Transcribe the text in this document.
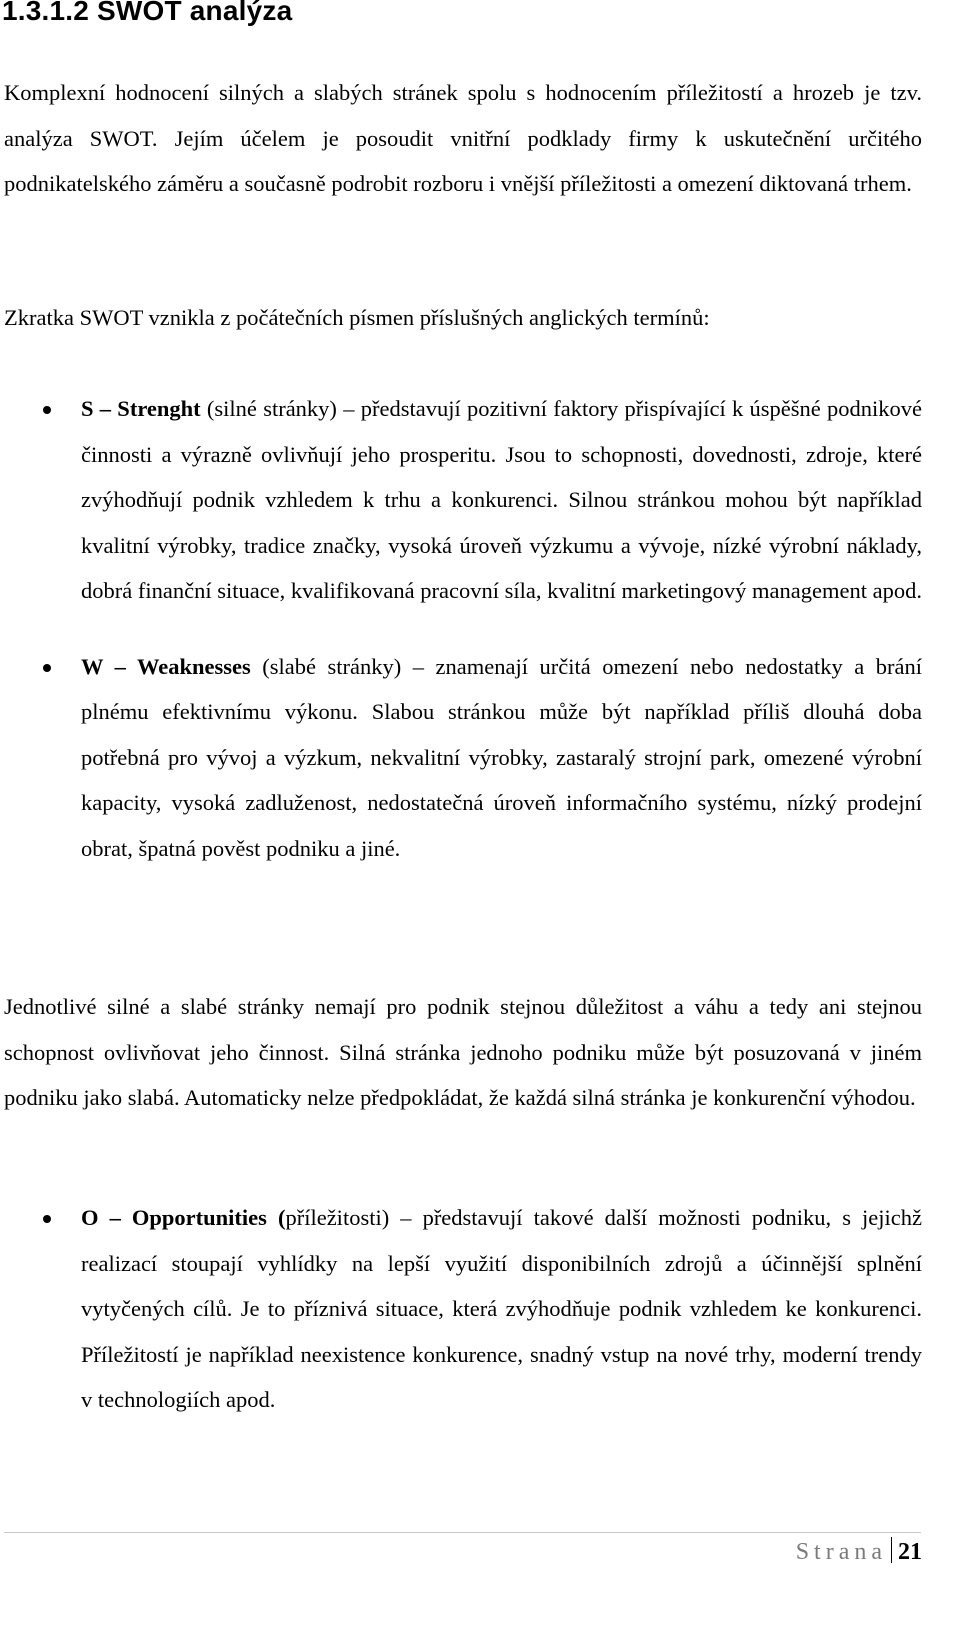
1.3.1.2 SWOT analýza

Komplexní hodnocení silných a slabých stránek spolu s hodnocením příležitostí a hrozeb je tzv. analýza SWOT. Jejím účelem je posoudit vnitřní podklady firmy k uskutečnění určitého podnikatelského záměru a současně podrobit rozboru i vnější příležitosti a omezení diktovaná trhem.

Zkratka SWOT vznikla z počátečních písmen příslušných anglických termínů:

S – Strenght (silné stránky) – představují pozitivní faktory přispívající k úspěšné podnikové činnosti a výrazně ovlivňují jeho prosperitu. Jsou to schopnosti, dovednosti, zdroje, které zvýhodňují podnik vzhledem k trhu a konkurenci. Silnou stránkou mohou být například kvalitní výrobky, tradice značky, vysoká úroveň výzkumu a vývoje, nízké výrobní náklady, dobrá finanční situace, kvalifikovaná pracovní síla, kvalitní marketingový management apod.
W – Weaknesses (slabé stránky) – znamenají určitá omezení nebo nedostatky a brání plnému efektivnímu výkonu. Slabou stránkou může být například příliš dlouhá doba potřebná pro vývoj a výzkum, nekvalitní výrobky, zastaralý strojní park, omezené výrobní kapacity, vysoká zadluženost, nedostatečná úroveň informačního systému, nízký prodejní obrat, špatná pověst podniku a jiné.

Jednotlivé silné a slabé stránky nemají pro podnik stejnou důležitost a váhu a tedy ani stejnou schopnost ovlivňovat jeho činnost. Silná stránka jednoho podniku může být posuzovaná v jiném podniku jako slabá. Automaticky nelze předpokládat, že každá silná stránka je konkurenční výhodou.

O – Opportunities (příležitosti) – představují takové další možnosti podniku, s jejichž realizací stoupají vyhlídky na lepší využití disponibilních zdrojů a účinnější splnění vytyčených cílů. Je to příznivá situace, která zvýhodňuje podnik vzhledem ke konkurenci. Příležitostí je například neexistence konkurence, snadný vstup na nové trhy, moderní trendy v technologiích apod.
Strana 21
